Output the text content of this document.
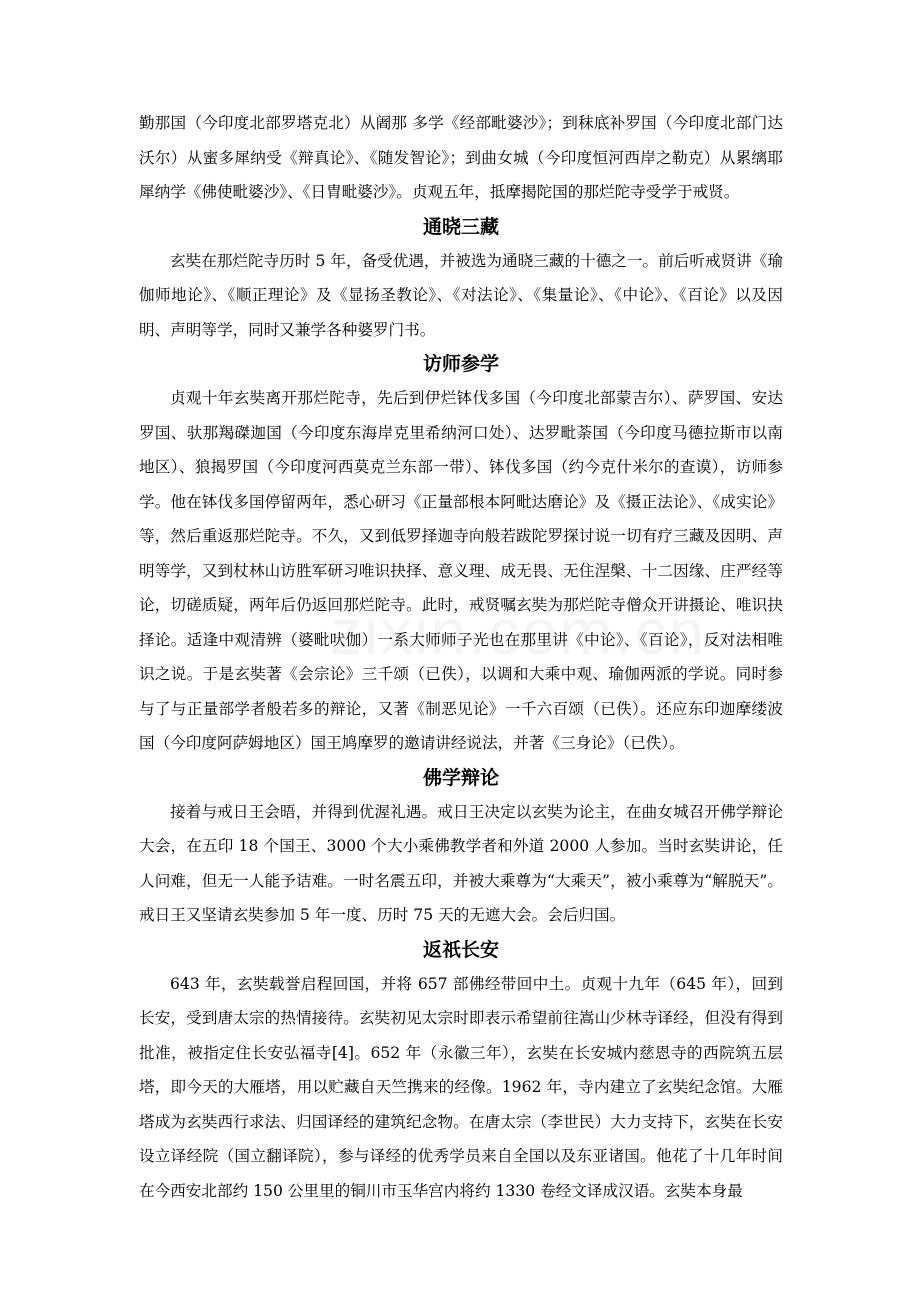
勤那国（今印度北部罗塔克北）从阇那 多学《经部毗婆沙》；到秣底补罗国（今印度北部门达沃尔）从蜜多犀纳受《辩真论》、《随发智论》；到曲女城（今印度恒河西岸之勒克）从累缡耶犀纳学《佛使毗婆沙》、《日胄毗婆沙》。贞观五年，抵摩揭陀国的那烂陀寺受学于戒贤。

通晓三藏

玄奘在那烂陀寺历时 5 年，备受优遇，并被选为通晓三藏的十德之一。前后听戒贤讲《瑜伽师地论》、《顺正理论》及《显扬圣教论》、《对法论》、《集量论》、《中论》、《百论》以及因明、声明等学，同时又兼学各种婆罗门书。

访师参学

贞观十年玄奘离开那烂陀寺，先后到伊烂钵伐多国（今印度北部蒙吉尔）、萨罗国、安达罗国、驮那羯磔迦国（今印度东海岸克里希纳河口处）、达罗毗荼国（今印度马德拉斯市以南地区）、狼揭罗国（今印度河西莫克兰东部一带）、钵伐多国（约今克什米尔的查谟），访师参学。他在钵伐多国停留两年，悉心研习《正量部根本阿毗达磨论》及《摄正法论》、《成实论》等，然后重返那烂陀寺。不久，又到低罗择迦寺向般若跋陀罗探讨说一切有疗三藏及因明、声明等学，又到杖林山访胜军研习唯识抉择、意义理、成无畏、无住涅槃、十二因缘、庄严经等论，切磋质疑，两年后仍返回那烂陀寺。此时，戒贤嘱玄奘为那烂陀寺僧众开讲摄论、唯识抉择论。适逢中观清辨（婆毗吠伽）一系大师师子光也在那里讲《中论》、《百论》，反对法相唯识之说。于是玄奘著《会宗论》三千颂（已佚），以调和大乘中观、瑜伽两派的学说。同时参与了与正量部学者般若多的辩论，又著《制恶见论》一千六百颂（已佚）。还应东印迦摩缕波国（今印度阿萨姆地区）国王鸠摩罗的邀请讲经说法，并著《三身论》（已佚）。

佛学辩论

接着与戒日王会晤，并得到优渥礼遇。戒日王决定以玄奘为论主，在曲女城召开佛学辩论大会，在五印 18 个国王、3000 个大小乘佛教学者和外道 2000 人参加。当时玄奘讲论，任人问难，但无一人能予诘难。一时名震五印，并被大乘尊为“大乘天”，被小乘尊为“解脱天”。戒日王又坚请玄奘参加 5 年一度、历时 75 天的无遮大会。会后归国。

返祇长安

643 年，玄奘载誉启程回国，并将 657 部佛经带回中土。贞观十九年（645 年），回到长安，受到唐太宗的热情接待。玄奘初见太宗时即表示希望前往嵩山少林寺译经，但没有得到批准，被指定住长安弘福寺[4]。652 年（永徽三年），玄奘在长安城内慈恩寺的西院筑五层塔，即今天的大雁塔，用以贮藏自天竺携来的经像。1962 年，寺内建立了玄奘纪念馆。大雁塔成为玄奘西行求法、归国译经的建筑纪念物。在唐太宗（李世民）大力支持下，玄奘在长安设立译经院（国立翻译院），参与译经的优秀学员来自全国以及东亚诸国。他花了十几年时间在今西安北部约 150 公里里的铜川市玉华宫内将约 1330 卷经文译成汉语。玄奘本身最
